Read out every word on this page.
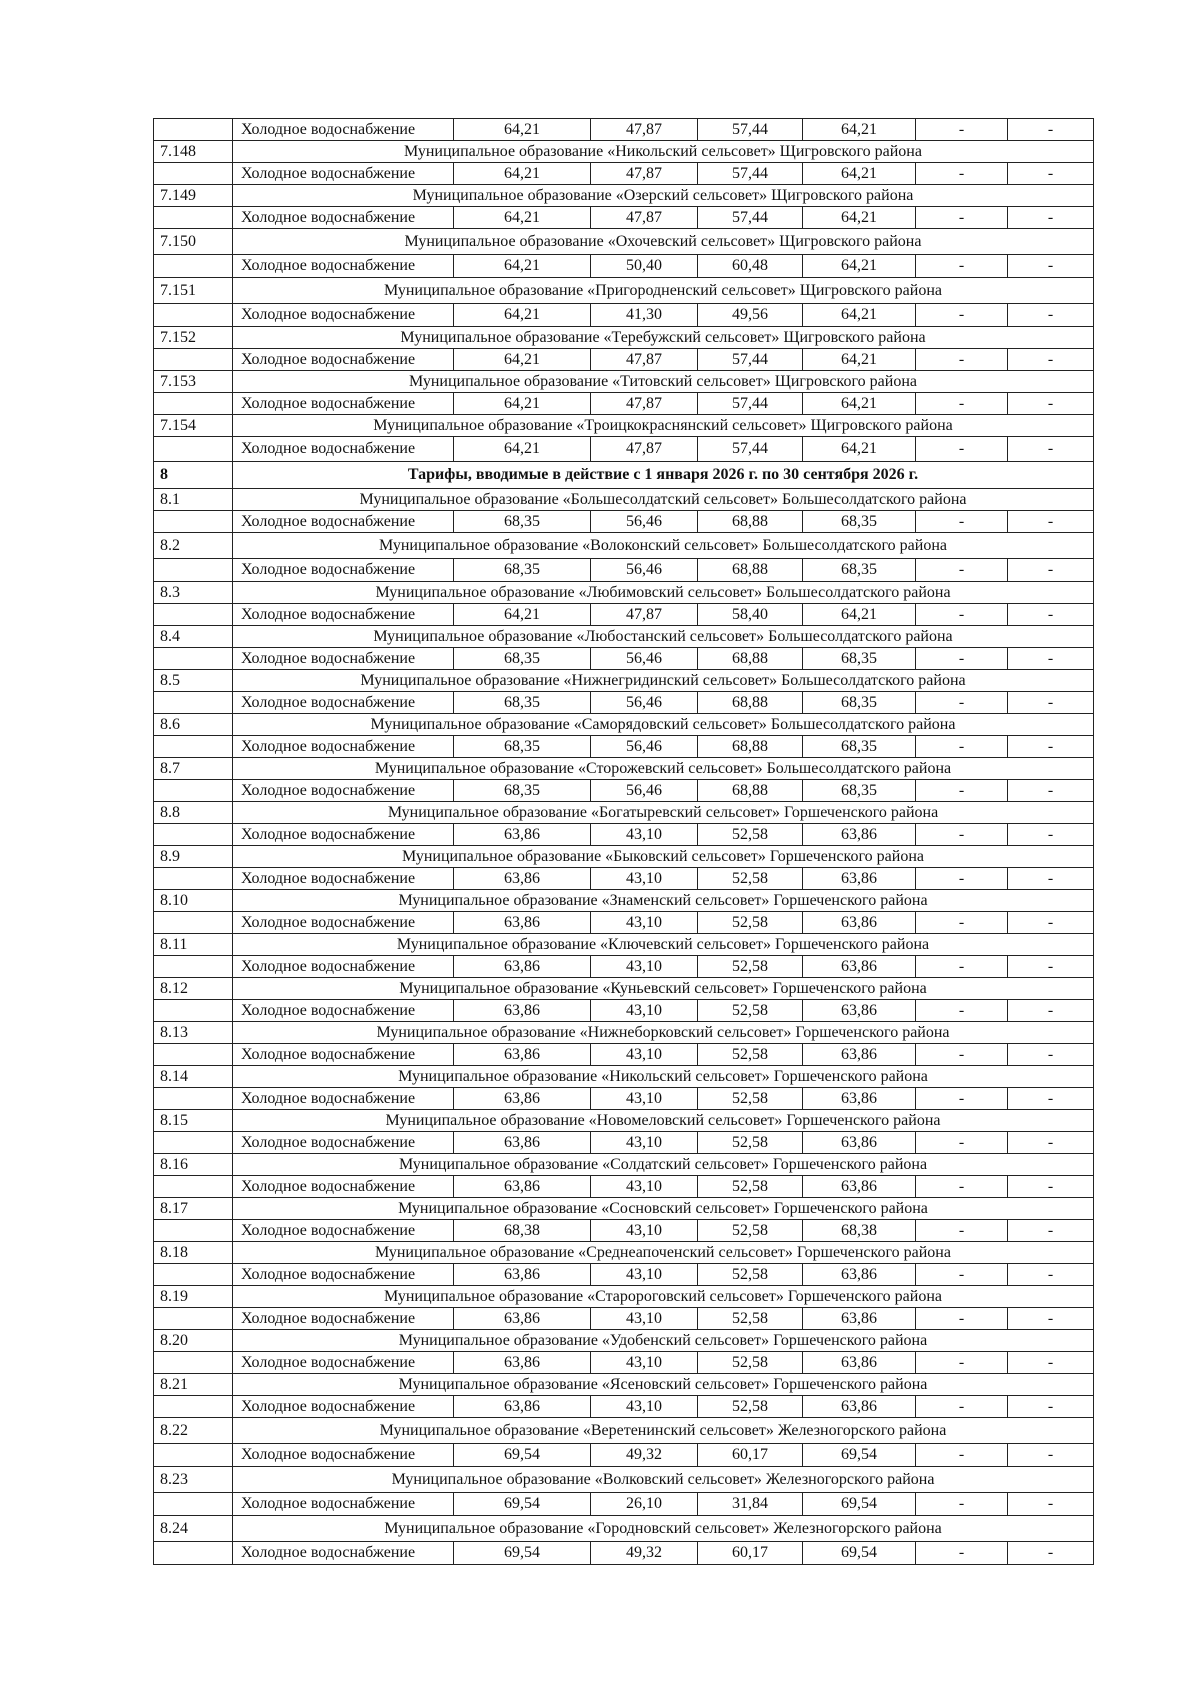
	Холодное водоснабжение	64,21	47,87	57,44	64,21	-	-
7.148	Муниципальное образование «Никольский сельсовет» Щигровского района						
	Холодное водоснабжение	64,21	47,87	57,44	64,21	-	-
7.149	Муниципальное образование «Озерский сельсовет» Щигровского района						
	Холодное водоснабжение	64,21	47,87	57,44	64,21	-	-
7.150	Муниципальное образование «Охочевский сельсовет» Щигровского района						
	Холодное водоснабжение	64,21	50,40	60,48	64,21	-	-
7.151	Муниципальное образование «Пригородненский сельсовет» Щигровского района						
	Холодное водоснабжение	64,21	41,30	49,56	64,21	-	-
7.152	Муниципальное образование «Теребужский сельсовет» Щигровского района						
	Холодное водоснабжение	64,21	47,87	57,44	64,21	-	-
7.153	Муниципальное образование «Титовский сельсовет» Щигровского района						
	Холодное водоснабжение	64,21	47,87	57,44	64,21	-	-
7.154	Муниципальное образование «Троицкокраснянский сельсовет» Щигровского района						
	Холодное водоснабжение	64,21	47,87	57,44	64,21	-	-
8	Тарифы, вводимые в действие с 1 января 2026 г. по 30 сентября 2026 г.						
8.1	Муниципальное образование «Большесолдатский сельсовет» Большесолдатского района						
	Холодное водоснабжение	68,35	56,46	68,88	68,35	-	-
8.2	Муниципальное образование «Волоконский сельсовет» Большесолдатского района						
	Холодное водоснабжение	68,35	56,46	68,88	68,35	-	-
8.3	Муниципальное образование «Любимовский сельсовет» Большесолдатского района						
	Холодное водоснабжение	64,21	47,87	58,40	64,21	-	-
8.4	Муниципальное образование «Любостанский сельсовет» Большесолдатского района						
	Холодное водоснабжение	68,35	56,46	68,88	68,35	-	-
8.5	Муниципальное образование «Нижнегридинский сельсовет» Большесолдатского района						
	Холодное водоснабжение	68,35	56,46	68,88	68,35	-	-
8.6	Муниципальное образование «Саморядовский сельсовет» Большесолдатского района						
	Холодное водоснабжение	68,35	56,46	68,88	68,35	-	-
8.7	Муниципальное образование «Сторожевский сельсовет» Большесолдатского района						
	Холодное водоснабжение	68,35	56,46	68,88	68,35	-	-
8.8	Муниципальное образование «Богатыревский сельсовет» Горшеченского района						
	Холодное водоснабжение	63,86	43,10	52,58	63,86	-	-
8.9	Муниципальное образование «Быковский сельсовет» Горшеченского района						
	Холодное водоснабжение	63,86	43,10	52,58	63,86	-	-
8.10	Муниципальное образование «Знаменский сельсовет» Горшеченского района						
	Холодное водоснабжение	63,86	43,10	52,58	63,86	-	-
8.11	Муниципальное образование «Ключевский сельсовет» Горшеченского района						
	Холодное водоснабжение	63,86	43,10	52,58	63,86	-	-
8.12	Муниципальное образование «Куньевский сельсовет» Горшеченского района						
	Холодное водоснабжение	63,86	43,10	52,58	63,86	-	-
8.13	Муниципальное образование «Нижнеборковский сельсовет» Горшеченского района						
	Холодное водоснабжение	63,86	43,10	52,58	63,86	-	-
8.14	Муниципальное образование «Никольский сельсовет» Горшеченского района						
	Холодное водоснабжение	63,86	43,10	52,58	63,86	-	-
8.15	Муниципальное образование «Новомеловский сельсовет» Горшеченского района						
	Холодное водоснабжение	63,86	43,10	52,58	63,86	-	-
8.16	Муниципальное образование «Солдатский сельсовет» Горшеченского района						
	Холодное водоснабжение	63,86	43,10	52,58	63,86	-	-
8.17	Муниципальное образование «Сосновский сельсовет» Горшеченского района						
	Холодное водоснабжение	68,38	43,10	52,58	68,38	-	-
8.18	Муниципальное образование «Среднеапоченский сельсовет» Горшеченского района						
	Холодное водоснабжение	63,86	43,10	52,58	63,86	-	-
8.19	Муниципальное образование «Старороговский сельсовет» Горшеченского района						
	Холодное водоснабжение	63,86	43,10	52,58	63,86	-	-
8.20	Муниципальное образование «Удобенский сельсовет» Горшеченского района						
	Холодное водоснабжение	63,86	43,10	52,58	63,86	-	-
8.21	Муниципальное образование «Ясеновский сельсовет» Горшеченского района						
	Холодное водоснабжение	63,86	43,10	52,58	63,86	-	-
8.22	Муниципальное образование «Веретенинский сельсовет» Железногорского района						
	Холодное водоснабжение	69,54	49,32	60,17	69,54	-	-
8.23	Муниципальное образование «Волковский сельсовет» Железногорского района						
	Холодное водоснабжение	69,54	26,10	31,84	69,54	-	-
8.24	Муниципальное образование «Городновский сельсовет» Железногорского района						
	Холодное водоснабжение	69,54	49,32	60,17	69,54	-	-
